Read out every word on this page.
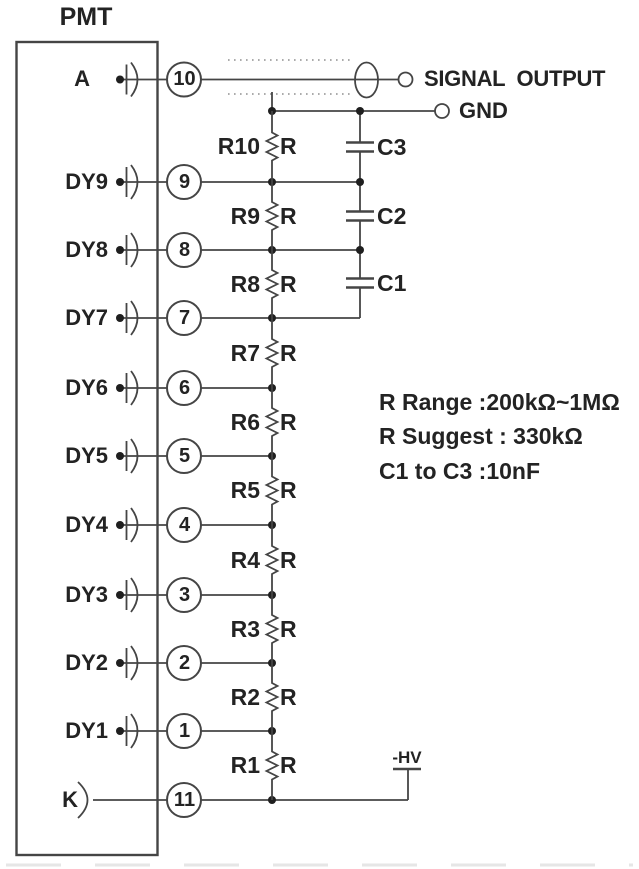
PMT
A
DY9
DY8
DY7
DY6
DY5
DY4
DY3
DY2
DY1
K
10
9
8
7
6
5
4
3
2
1
11
R10 R
R9 R
R8 R
R7 R
R6 R
R5 R
R4 R
R3 R
R2 R
R1 R
C3
C2
C1
SIGNAL  OUTPUT
GND
-HV
R Range :200kΩ~1MΩ
R Suggest : 330kΩ
C1 to C3 :10nF
